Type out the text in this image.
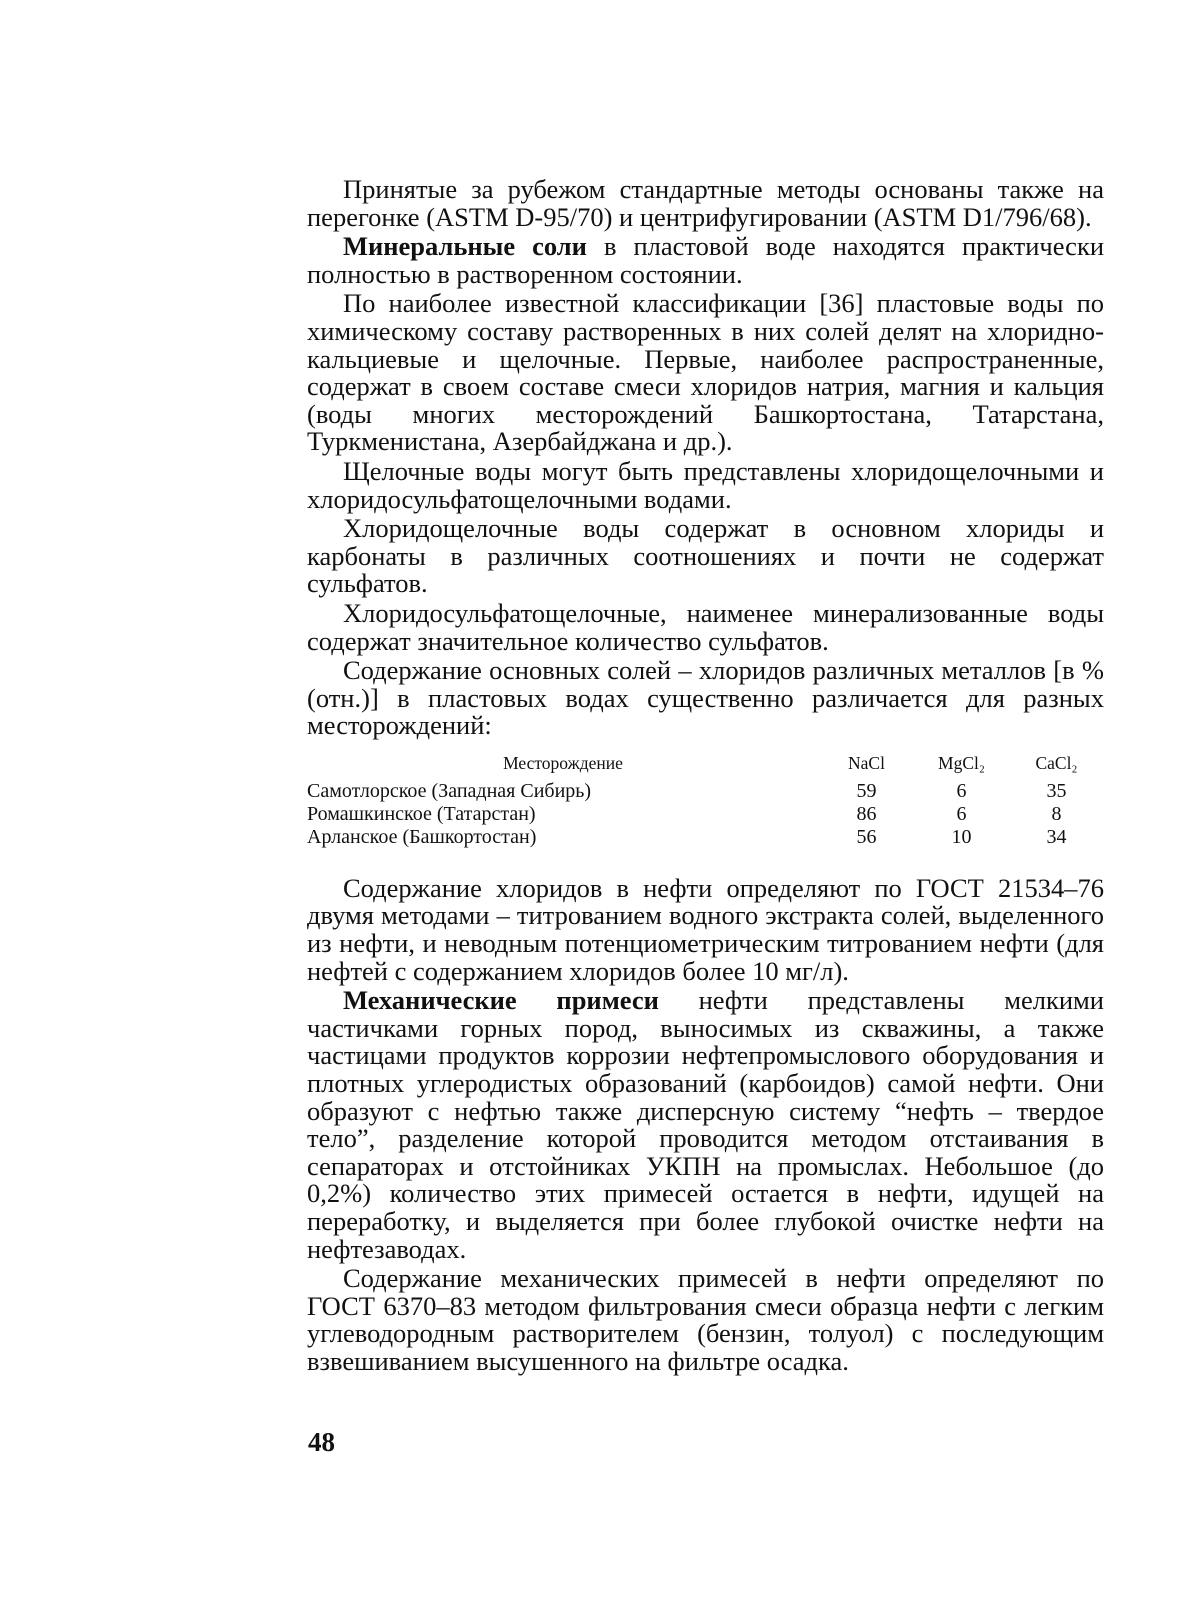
Принятые за рубежом стандартные методы основаны также на перегонке (ASTM D-95/70) и центрифугировании (ASTM D1/796/68).

Минеральные соли в пластовой воде находятся практически полностью в растворенном состоянии.

По наиболее известной классификации [36] пластовые воды по химическому составу растворенных в них солей делят на хлоридно-кальциевые и щелочные. Первые, наиболее распространенные, содержат в своем составе смеси хлоридов натрия, магния и кальция (воды многих месторождений Башкортостана, Татарстана, Туркменистана, Азербайджана и др.).

Щелочные воды могут быть представлены хлоридощелочными и хлоридосульфатощелочными водами.

Хлоридощелочные воды содержат в основном хлориды и карбонаты в различных соотношениях и почти не содержат сульфатов.

Хлоридосульфатощелочные, наименее минерализованные воды содержат значительное количество сульфатов.

Содержание основных солей – хлоридов различных металлов [в % (отн.)] в пластовых водах существенно различается для разных месторождений:

Месторождение	NaCl	MgCl₂	CaCl₂
Самотлорское (Западная Сибирь)	59	6	35
Ромашкинское (Татарстан)	86	6	8
Арланское (Башкортостан)	56	10	34

Содержание хлоридов в нефти определяют по ГОСТ 21534–76 двумя методами – титрованием водного экстракта солей, выделенного из нефти, и неводным потенциометрическим титрованием нефти (для нефтей с содержанием хлоридов более 10 мг/л).

Механические примеси нефти представлены мелкими частичками горных пород, выносимых из скважины, а также частицами продуктов коррозии нефтепромыслового оборудования и плотных углеродистых образований (карбоидов) самой нефти. Они образуют с нефтью также дисперсную систему “нефть – твердое тело”, разделение которой проводится методом отстаивания в сепараторах и отстойниках УКПН на промыслах. Небольшое (до 0,2%) количество этих примесей остается в нефти, идущей на переработку, и выделяется при более глубокой очистке нефти на нефтезаводах.

Содержание механических примесей в нефти определяют по ГОСТ 6370–83 методом фильтрования смеси образца нефти с легким углеводородным растворителем (бензин, толуол) с последующим взвешиванием высушенного на фильтре осадка.

48
